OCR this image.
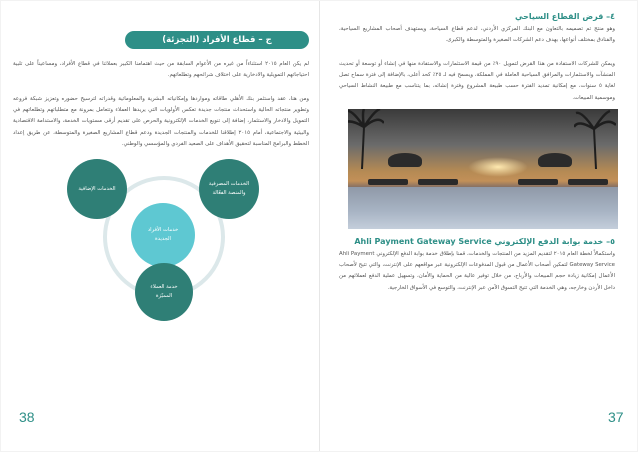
ج – قطاع الأفراد (التجزئة)

لم يكن العام ٢٠١٥ استثناءاً من غيره من الأعوام السابقة من حيث اهتمامنا الكبير بعملائنا في قطاع الأفراد، ومساعيناً على تلبية احتياجاتهم التمويلية والادخارية على اختلاف شرائحهم وتطلعاتهم.

ومن هنا، عقد واستثمر بنك الأهلي طاقاته ومواردها وإمكانياته البشرية والمعلوماتية وقدراته لترسيخ حضوره وتعزيز شبكة فروعه وتطوير منتجاته الحالية واستحداث منتجات جديدة تعكس الأولويات التي يريدها العملاء وتتعامل بمرونة مع متطلباتهم وتطلعاتهم في التمويل والادخار والاستثمار، إضافة إلى تنويع الخدمات الإلكترونية والحرص على تقديم أرقى مستويات الخدمة، والاستدامة الاقتصادية والبيئية والاجتماعية، أمام ٢٠١٥ إطلاقنا للخدمات والمنتجات الجديدة ودعم قطاع المشاريع الصغيرة والمتوسطة، عن طريق إعداد الخطط والبرامج المناسبة لتحقيق الأهداف على الصعيد الفردي والمؤسسي والوطني.

الخدمات المصرفية
والمنصة الفعّالة
الخدمات الإضافية
خدمات الأفراد
الجديدة
خدمة العملاء
المميّزة
38
٤– قرض القطاع السياحي

وهو منتج تم تصميمه بالتعاون مع البنك المركزي الأردني، لدعم قطاع السياحة، ويستهدف أصحاب المشاريع السياحية، والفنادق بمختلف أنواعها، بهدف دعم الشركات الصغيرة والمتوسطة والكبرى.

ويمكن للشركات الاستفادة من هذا القرض لتمويل ٩٠٪ من قيمة الاستثمارات والاستفادة منها في إنشاء أو توسعة أو تحديث المنشآت والاستثمارات والمرافق السياحية العاملة في المملكة، ويسمح فيه لـ ٢٥٪ كحد أعلى، بالإضافة إلى فترة سماح تصل لغاية ٥ سنوات، مع إمكانية تمديد الفترة حسب طبيعة المشروع وفترة إنشائه، بما يتناسب مع طبيعة النشاط السياحي وموسمية المبيعات.

٥– خدمة بوابة الدفع الإلكتروني Ahli Payment Gateway Service

واستكمالاً لخطة العام ٢٠١٥ لتقديم المزيد من المنتجات والخدمات، قمنا بإطلاق خدمة بوابة الدفع الإلكتروني Ahli Payment Gateway Service لتمكين أصحاب الأعمال من قبول المدفوعات الإلكترونية عبر مواقعهم على الإنترنت، والتي تتيح لأصحاب الأعمال إمكانية زيادة حجم المبيعات والأرباح، من خلال توفير عالية من الحماية والأمان، وتسهيل عملية الدفع لعملائهم من داخل الأردن وخارجه، وهي الخدمة التي تتيح التسوق الآمن عبر الإنترنت، والتوسع في الأسواق الخارجية.

37
